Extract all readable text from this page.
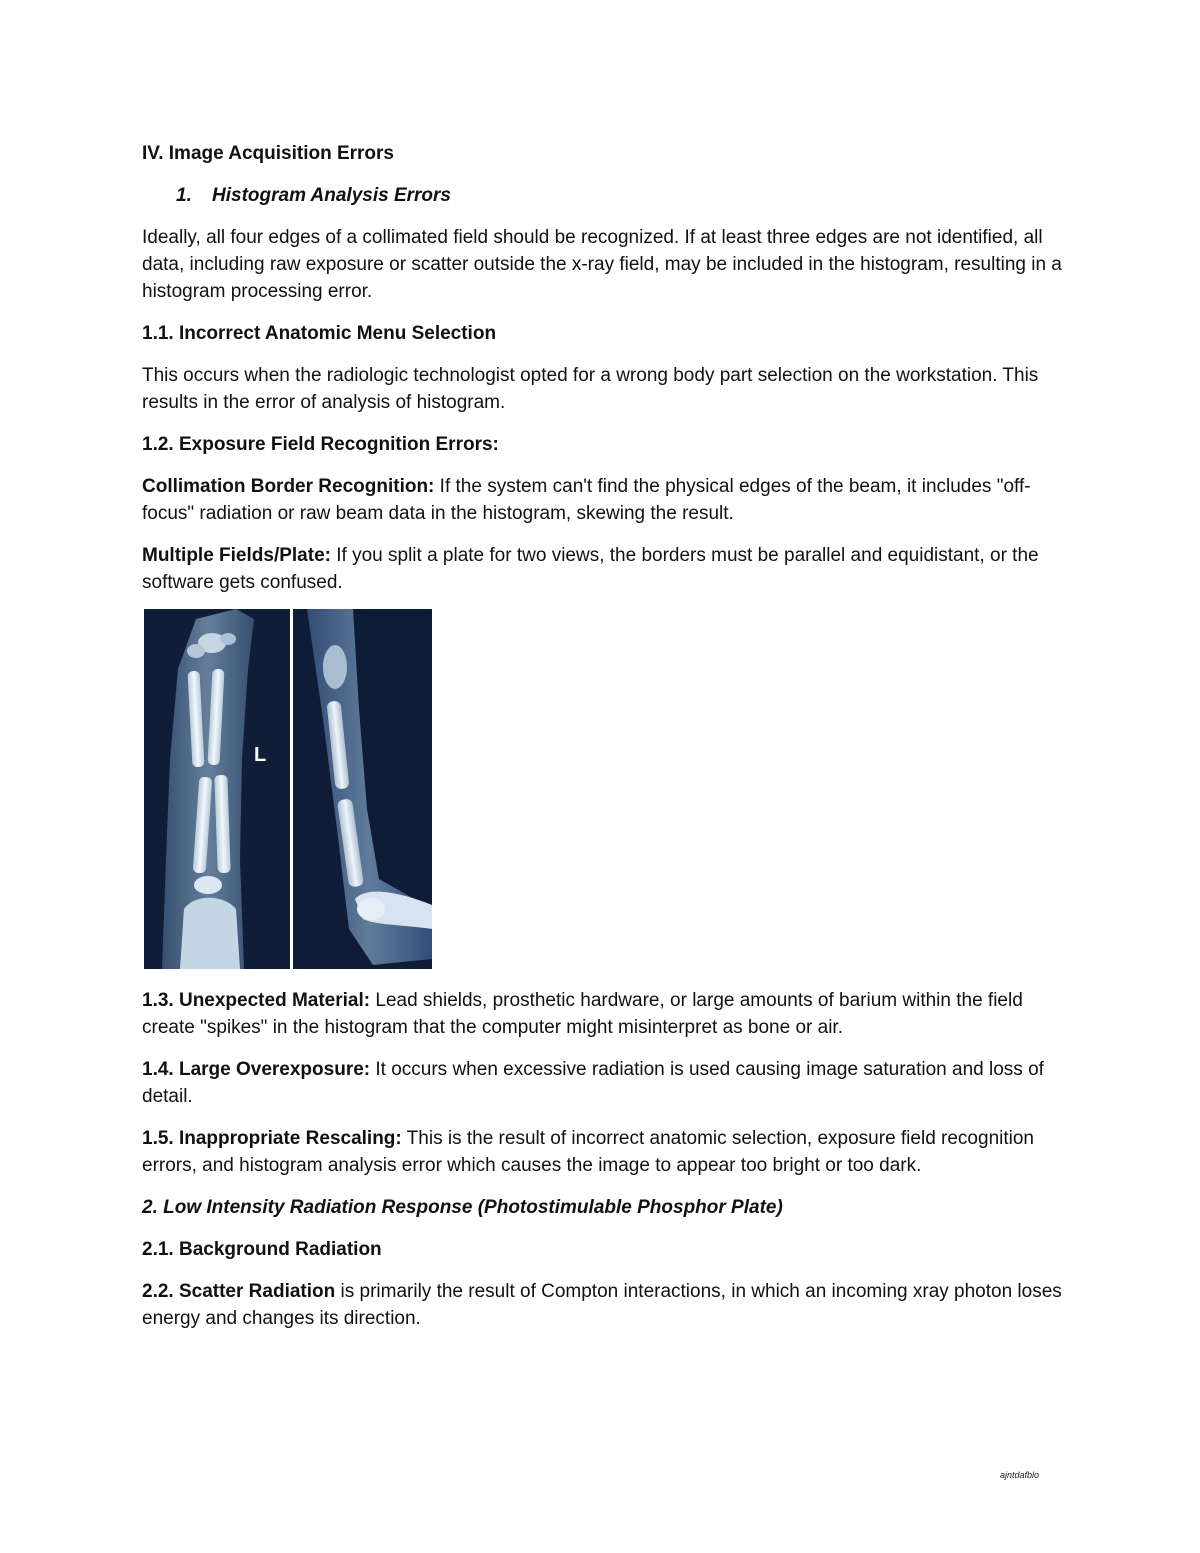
IV. Image Acquisition Errors

1. Histogram Analysis Errors

Ideally, all four edges of a collimated field should be recognized. If at least three edges are not identified, all data, including raw exposure or scatter outside the x-ray field, may be included in the histogram, resulting in a histogram processing error.

1.1. Incorrect Anatomic Menu Selection

This occurs when the radiologic technologist opted for a wrong body part selection on the workstation. This results in the error of analysis of histogram.

1.2. Exposure Field Recognition Errors:

Collimation Border Recognition: If the system can't find the physical edges of the beam, it includes "off-focus" radiation or raw beam data in the histogram, skewing the result.

Multiple Fields/Plate: If you split a plate for two views, the borders must be parallel and equidistant, or the software gets confused.

L

1.3. Unexpected Material: Lead shields, prosthetic hardware, or large amounts of barium within the field create "spikes" in the histogram that the computer might misinterpret as bone or air.

1.4. Large Overexposure: It occurs when excessive radiation is used causing image saturation and loss of detail.

1.5. Inappropriate Rescaling: This is the result of incorrect anatomic selection, exposure field recognition errors, and histogram analysis error which causes the image to appear too bright or too dark.

2. Low Intensity Radiation Response (Photostimulable Phosphor Plate)

2.1. Background Radiation

2.2. Scatter Radiation is primarily the result of Compton interactions, in which an incoming xray photon loses energy and changes its direction.

ajntdafblo
